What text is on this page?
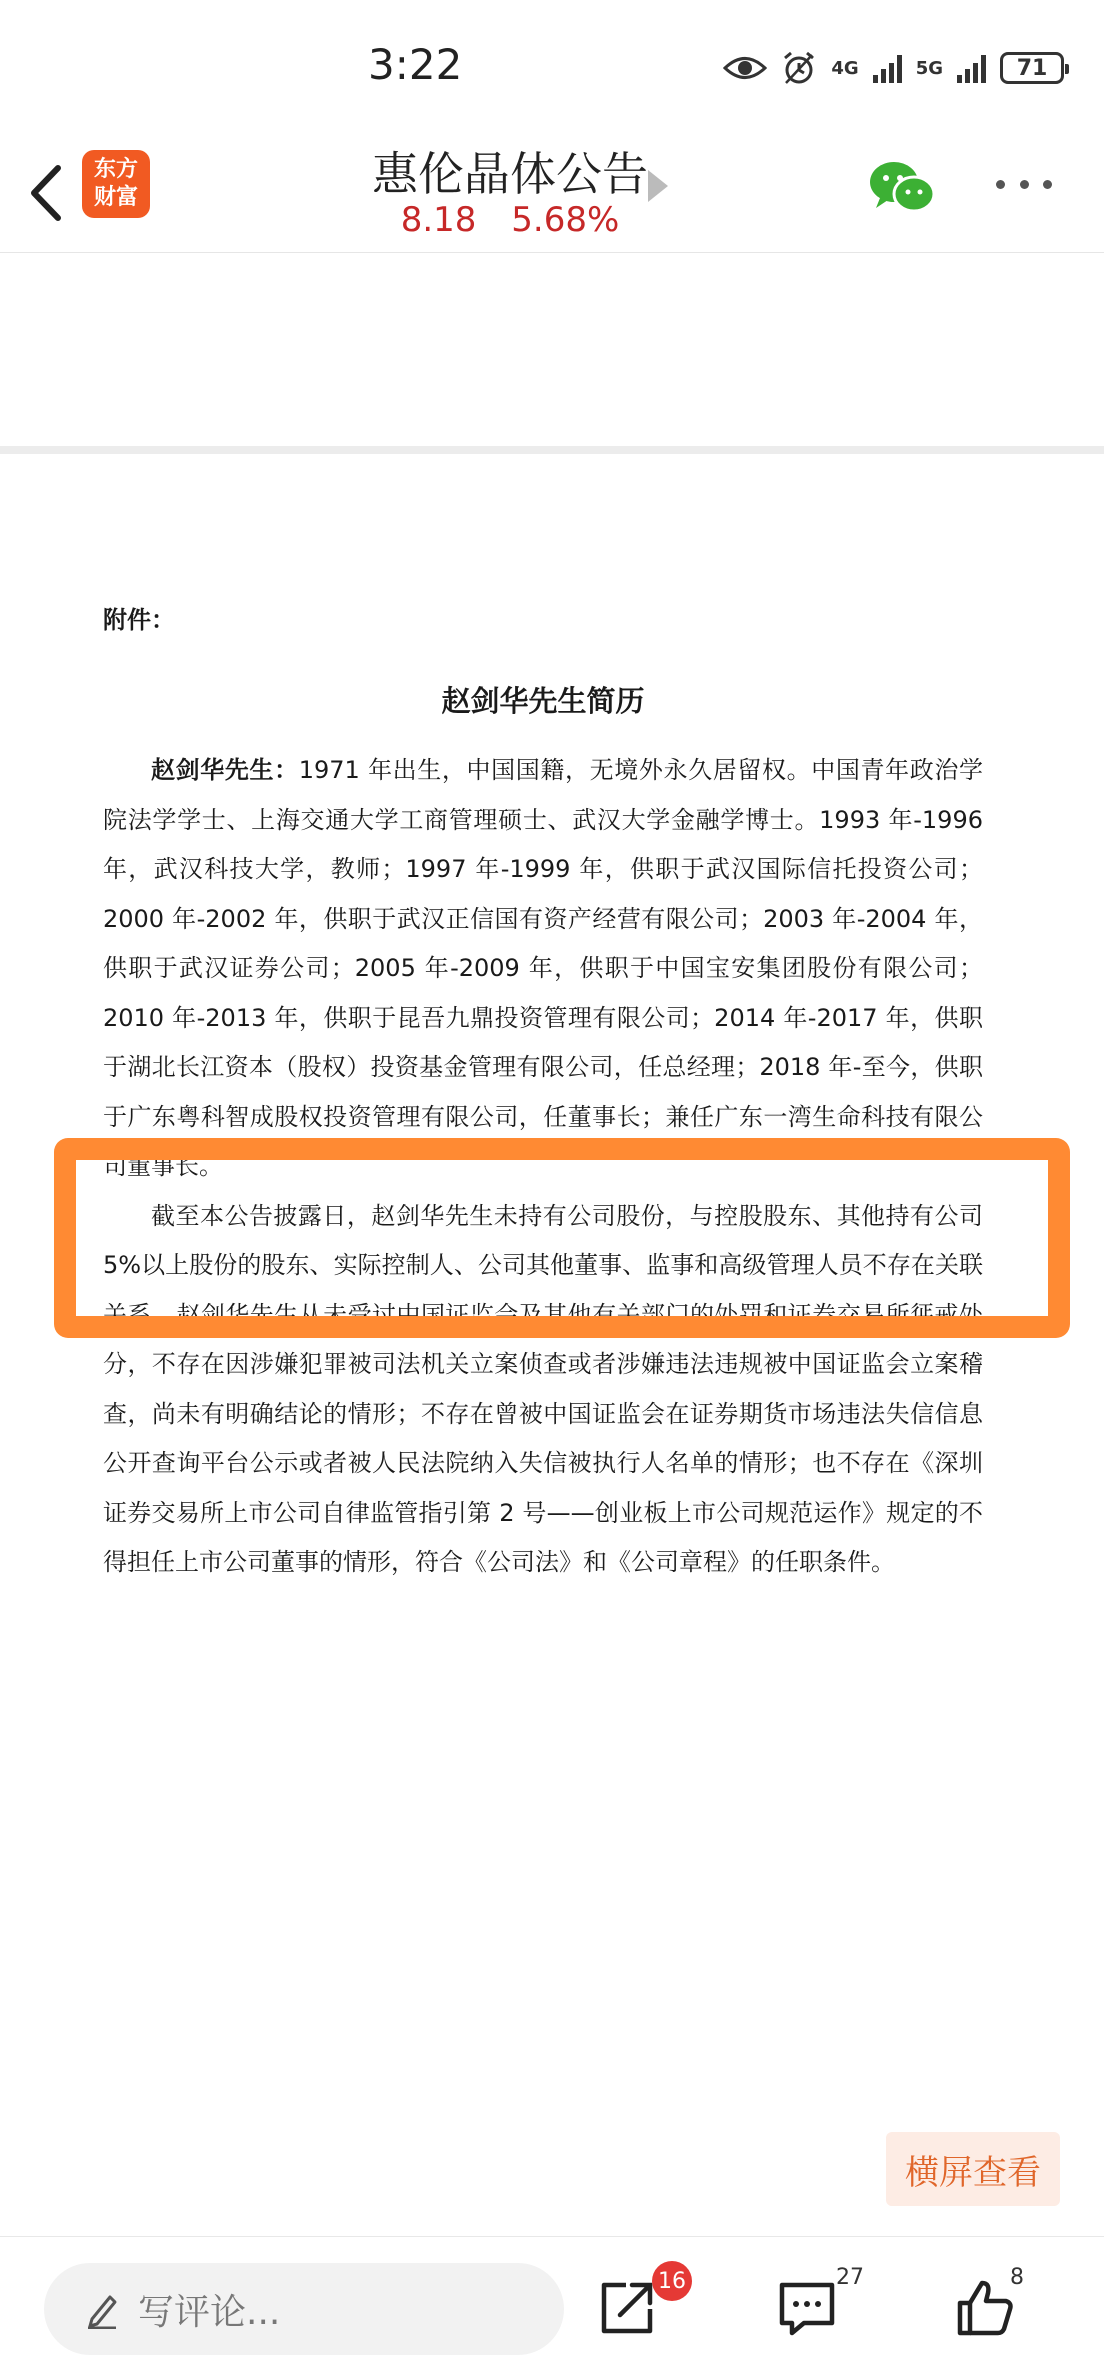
3:22	4G	5G	71
东方
财富	惠伦晶体公告
8.18 5.68%
附件：
赵剑华先生简历
赵剑华先生：1971 年出生，中国国籍，无境外永久居留权。中国青年政治学院法学学士、上海交通大学工商管理硕士、武汉大学金融学博士。1993 年-1996 年，武汉科技大学，教师；1997 年-1999 年，供职于武汉国际信托投资公司；2000 年-2002 年，供职于武汉正信国有资产经营有限公司；2003 年-2004 年，供职于武汉证券公司；2005 年-2009 年，供职于中国宝安集团股份有限公司；2010 年-2013 年，供职于昆吾九鼎投资管理有限公司；2014 年-2017 年，供职于湖北长江资本（股权）投资基金管理有限公司，任总经理；2018 年-至今，供职于广东粤科智成股权投资管理有限公司，任董事长；兼任广东一湾生命科技有限公司董事长。
截至本公告披露日，赵剑华先生未持有公司股份，与控股股东、其他持有公司 5%以上股份的股东、实际控制人、公司其他董事、监事和高级管理人员不存在关联关系。赵剑华先生从未受过中国证监会及其他有关部门的处罚和证券交易所惩戒处分，不存在因涉嫌犯罪被司法机关立案侦查或者涉嫌违法违规被中国证监会立案稽查，尚未有明确结论的情形；不存在曾被中国证监会在证券期货市场违法失信信息公开查询平台公示或者被人民法院纳入失信被执行人名单的情形；也不存在《深圳证券交易所上市公司自律监管指引第 2 号——创业板上市公司规范运作》规定的不得担任上市公司董事的情形，符合《公司法》和《公司章程》的任职条件。
横屏查看
写评论...
16	27	8
